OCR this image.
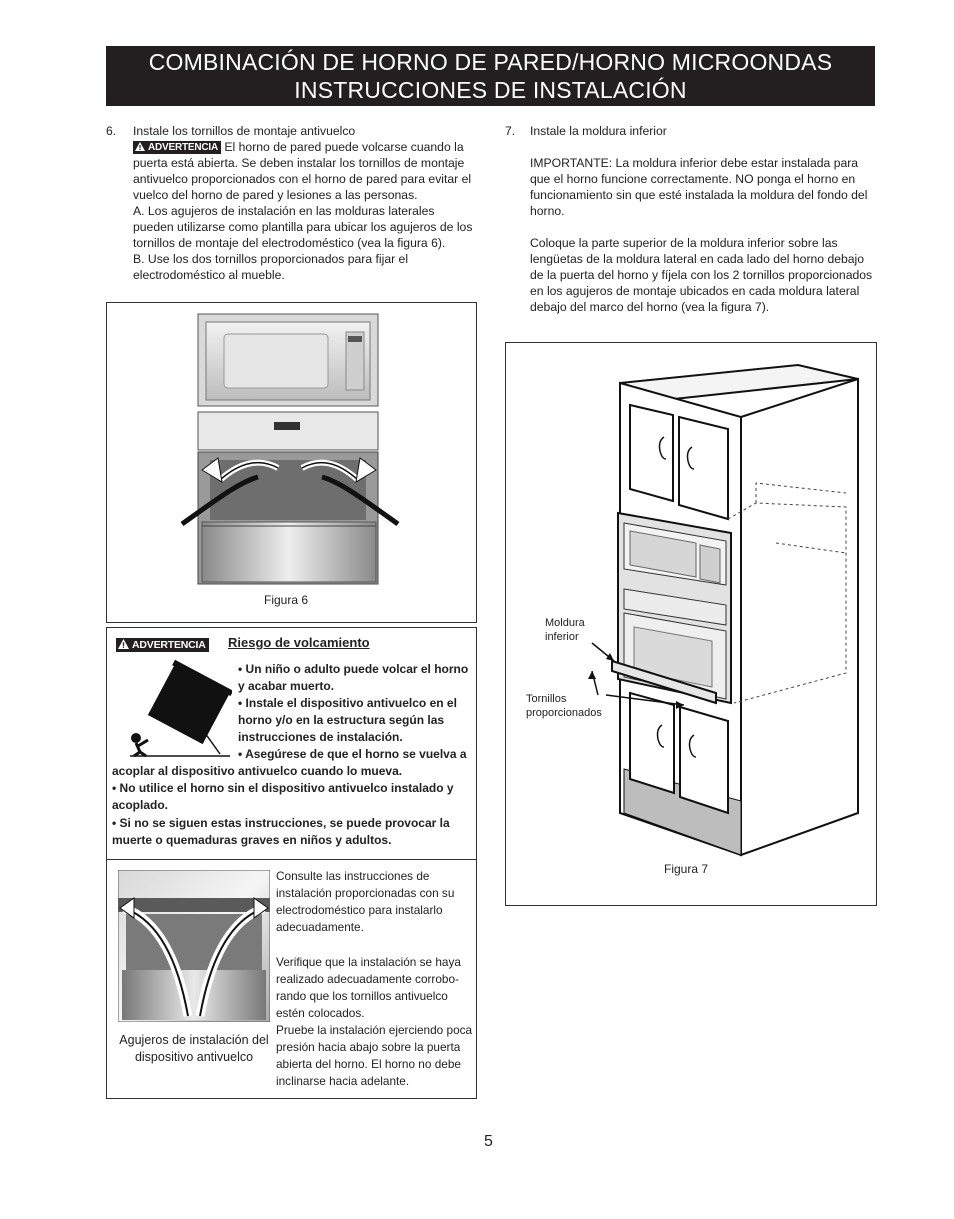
COMBINACIÓN DE HORNO DE PARED/HORNO MICROONDAS
INSTRUCCIONES DE INSTALACIÓN
6. Instale los tornillos de montaje antivuelco

ADVERTENCIA El horno de pared puede volcarse cuando la puerta está abierta. Se deben instalar los tornillos de montaje antivuelco proporcionados con el horno de pared para evitar el vuelco del horno de pared y lesiones a las personas.

A. Los agujeros de instalación en las molduras laterales pueden utilizarse como plantilla para ubicar los agujeros de los tornillos de montaje del electrodoméstico (vea la figura 6).

B. Use los dos tornillos proporcionados para fijar el electrodoméstico al mueble.

Figura 6
ADVERTENCIA Riesgo de volcamiento
• Un niño o adulto puede volcar el horno y acabar muerto.
• Instale el dispositivo antivuelco en el horno y/o en la estructura según las instrucciones de instalación.
• Asegúrese de que el horno se vuelva a acoplar al dispositivo antivuelco cuando lo mueva.
• No utilice el horno sin el dispositivo antivuelco instalado y acoplado.
• Si no se siguen estas instrucciones, se puede provocar la muerte o quemaduras graves en niños y adultos.
Agujeros de instalación del dispositivo antivuelco
Consulte las instrucciones de instalación proporcionadas con su electrodoméstico para instalarlo adecuadamente.
Verifique que la instalación se haya realizado adecuadamente corrobo-rando que los tornillos antivuelco estén colocados.
Pruebe la instalación ejerciendo poca presión hacia abajo sobre la puerta abierta del horno. El horno no debe inclinarse hacia adelante.
7. Instale la moldura inferior

IMPORTANTE: La moldura inferior debe estar instalada para que el horno funcione correctamente. NO ponga el horno en funcionamiento sin que esté instalada la moldura del fondo del horno.

Coloque la parte superior de la moldura inferior sobre las lengüetas de la moldura lateral en cada lado del horno debajo de la puerta del horno y fíjela con los 2 tornillos proporcionados en los agujeros de montaje ubicados en cada moldura lateral debajo del marco del horno (vea la figura 7).

Moldura inferior
Tornillos proporcionados
Figura 7
5
